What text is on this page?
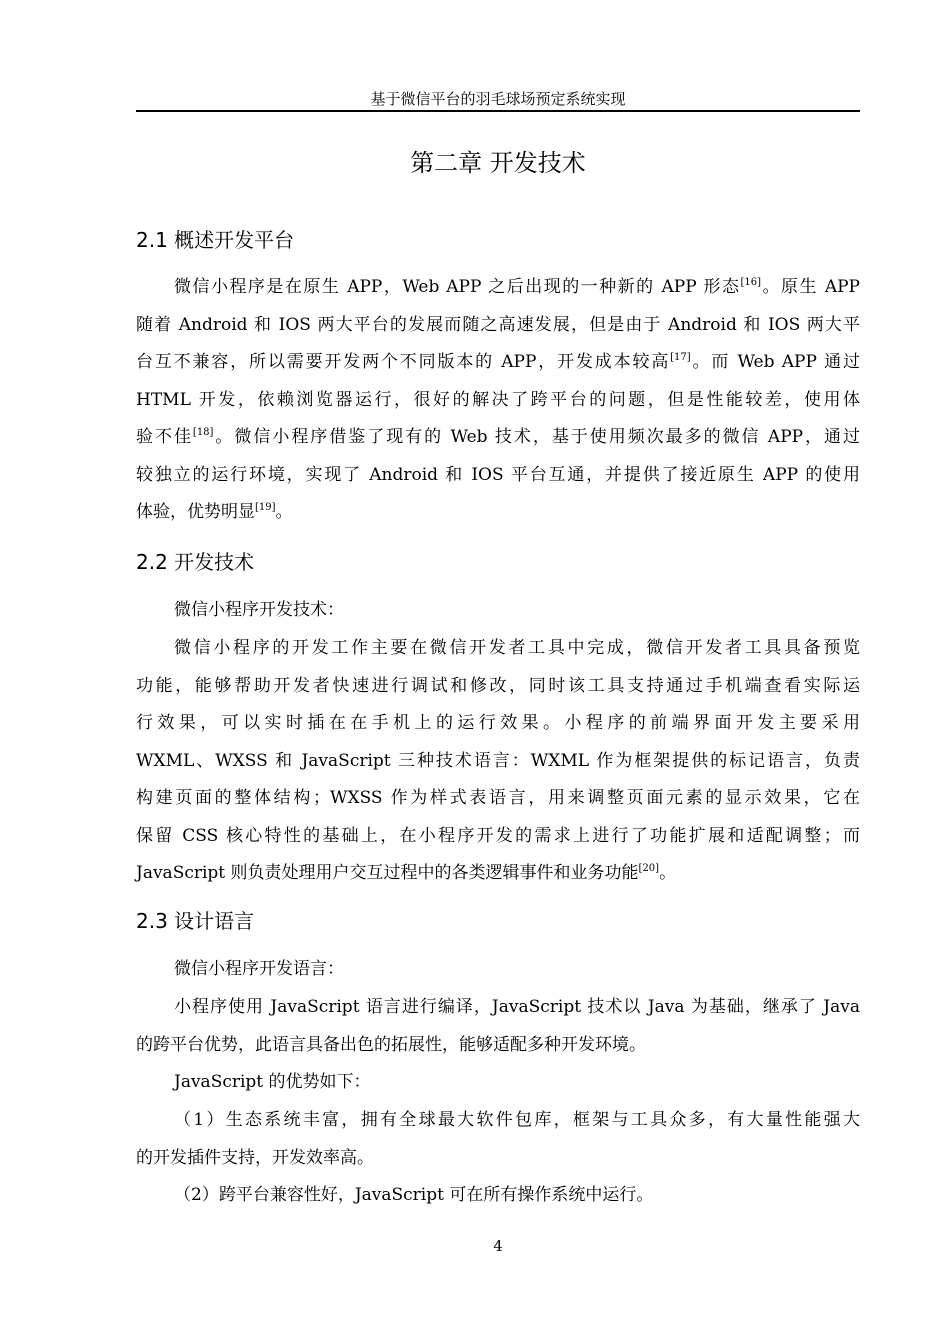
基于微信平台的羽毛球场预定系统实现
第二章 开发技术
2.1 概述开发平台
微信小程序是在原生 APP，Web APP 之后出现的一种新的 APP 形态[16]。原生 APP
随着 Android 和 IOS 两大平台的发展而随之高速发展，但是由于 Android 和 IOS 两大平
台互不兼容，所以需要开发两个不同版本的 APP，开发成本较高[17]。而 Web APP 通过
HTML 开发，依赖浏览器运行，很好的解决了跨平台的问题，但是性能较差，使用体
验不佳[18]。微信小程序借鉴了现有的 Web 技术，基于使用频次最多的微信 APP，通过
较独立的运行环境，实现了 Android 和 IOS 平台互通，并提供了接近原生 APP 的使用
体验，优势明显[19]。
2.2 开发技术
微信小程序开发技术：
微信小程序的开发工作主要在微信开发者工具中完成，微信开发者工具具备预览
功能，能够帮助开发者快速进行调试和修改，同时该工具支持通过手机端查看实际运
行效果，可以实时插在在手机上的运行效果。小程序的前端界面开发主要采用
WXML、WXSS 和 JavaScript 三种技术语言：WXML 作为框架提供的标记语言，负责
构建页面的整体结构；WXSS 作为样式表语言，用来调整页面元素的显示效果，它在
保留 CSS 核心特性的基础上，在小程序开发的需求上进行了功能扩展和适配调整；而
JavaScript 则负责处理用户交互过程中的各类逻辑事件和业务功能[20]。
2.3 设计语言
微信小程序开发语言：
小程序使用 JavaScript 语言进行编译，JavaScript 技术以 Java 为基础，继承了 Java
的跨平台优势，此语言具备出色的拓展性，能够适配多种开发环境。
JavaScript 的优势如下：
（1）生态系统丰富，拥有全球最大软件包库，框架与工具众多，有大量性能强大
的开发插件支持，开发效率高。
（2）跨平台兼容性好，JavaScript 可在所有操作系统中运行。
4
